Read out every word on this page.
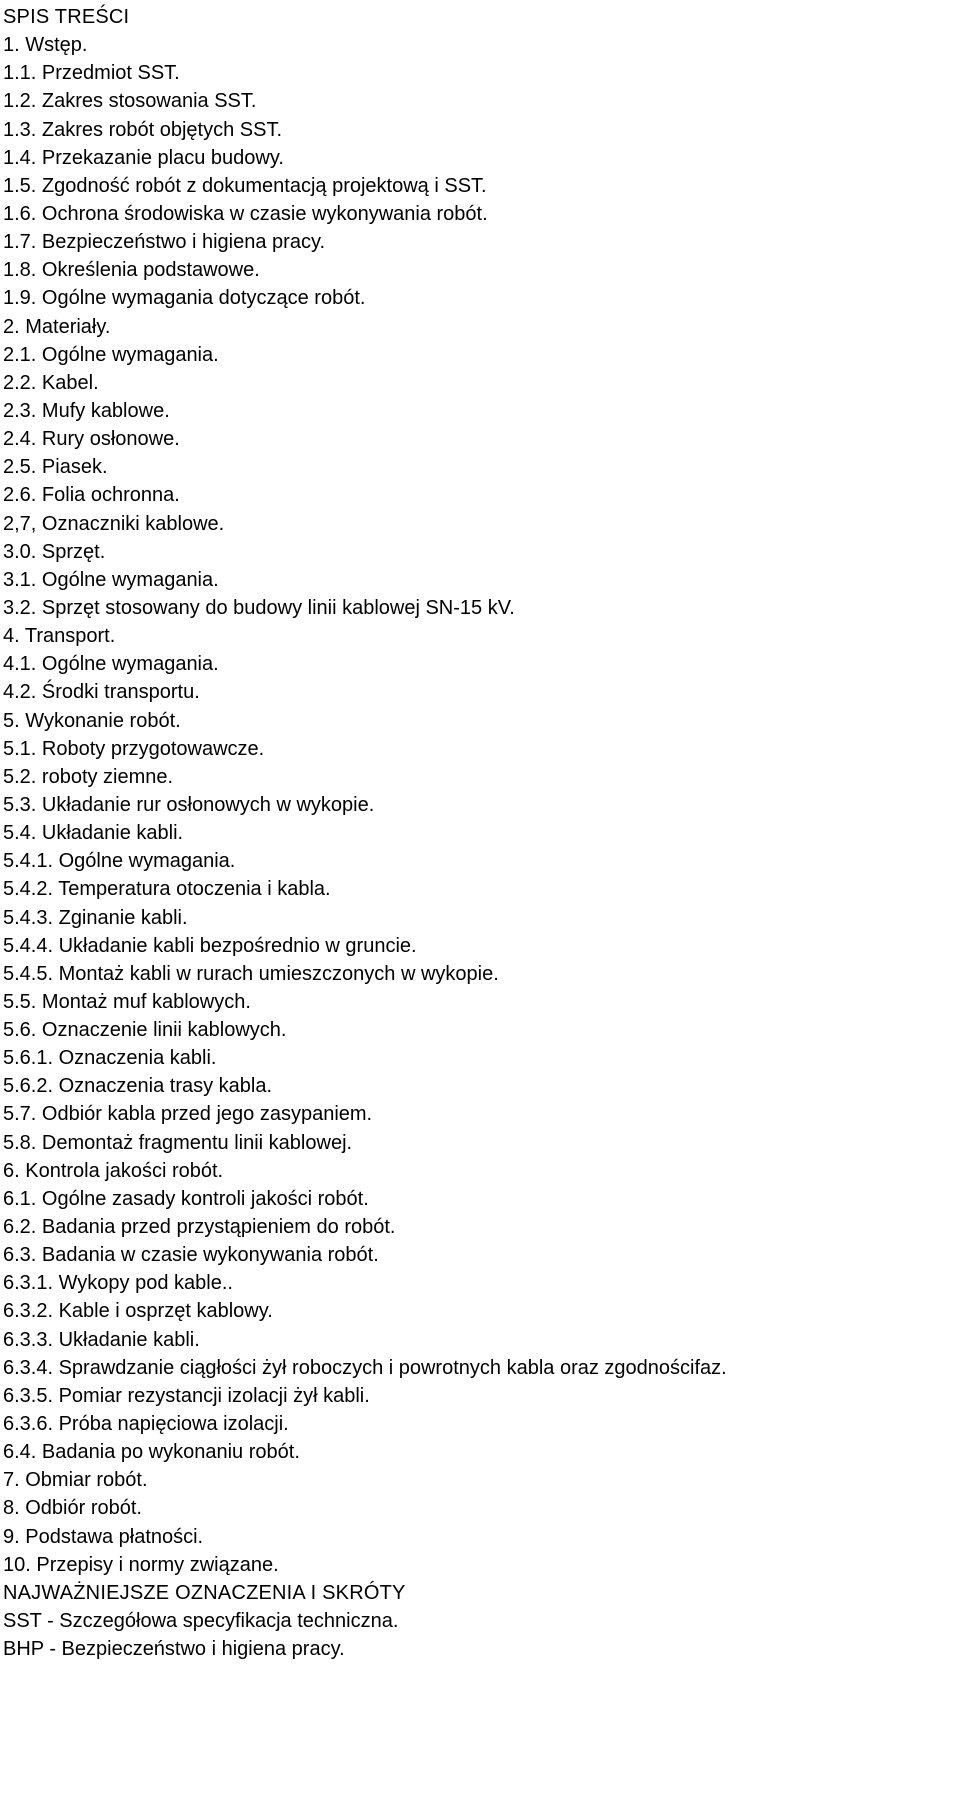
SPIS TREŚCI
1. Wstęp.
1.1. Przedmiot SST.
1.2. Zakres stosowania SST.
1.3. Zakres robót objętych SST.
1.4. Przekazanie placu budowy.
1.5. Zgodność robót z dokumentacją projektową i SST.
1.6. Ochrona środowiska w czasie wykonywania robót.
1.7. Bezpieczeństwo i higiena pracy.
1.8. Określenia podstawowe.
1.9. Ogólne wymagania dotyczące robót.
2. Materiały.
2.1. Ogólne wymagania.
2.2. Kabel.
2.3. Mufy kablowe.
2.4. Rury osłonowe.
2.5. Piasek.
2.6. Folia ochronna.
2,7, Oznaczniki kablowe.
3.0. Sprzęt.
3.1. Ogólne wymagania.
3.2. Sprzęt stosowany do budowy linii kablowej SN-15 kV.
4. Transport.
4.1. Ogólne wymagania.
4.2. Środki transportu.
5. Wykonanie robót.
5.1. Roboty przygotowawcze.
5.2. roboty ziemne.
5.3. Układanie rur osłonowych w wykopie.
5.4. Układanie kabli.
5.4.1. Ogólne wymagania.
5.4.2. Temperatura otoczenia i kabla.
5.4.3. Zginanie kabli.
5.4.4. Układanie kabli bezpośrednio w gruncie.
5.4.5. Montaż kabli w rurach umieszczonych w wykopie.
5.5. Montaż muf kablowych.
5.6. Oznaczenie linii kablowych.
5.6.1. Oznaczenia kabli.
5.6.2. Oznaczenia trasy kabla.
5.7. Odbiór kabla przed jego zasypaniem.
5.8. Demontaż fragmentu linii kablowej.
6. Kontrola jakości robót.
6.1. Ogólne zasady kontroli jakości robót.
6.2. Badania przed przystąpieniem do robót.
6.3. Badania w czasie wykonywania robót.
6.3.1. Wykopy pod kable..
6.3.2. Kable i osprzęt kablowy.
6.3.3. Układanie kabli.
6.3.4. Sprawdzanie ciągłości żył roboczych i powrotnych kabla oraz zgodnościfaz.
6.3.5. Pomiar rezystancji izolacji żył kabli.
6.3.6. Próba napięciowa izolacji.
6.4. Badania po wykonaniu robót.
7. Obmiar robót.
8. Odbiór robót.
9. Podstawa płatności.
10. Przepisy i normy związane.
NAJWAŻNIEJSZE OZNACZENIA I SKRÓTY
SST - Szczegółowa specyfikacja techniczna.
BHP - Bezpieczeństwo i higiena pracy.
